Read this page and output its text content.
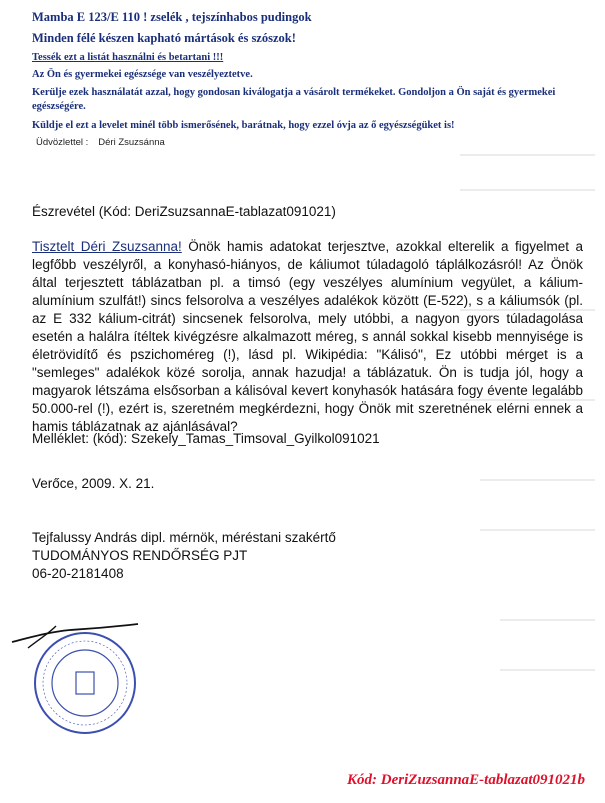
Mamba E 123/E 110 ! zselék , tejszínhabos pudingok
Minden félé készen kapható mártások és szószok!
Tessék ezt a listát használni és betartani !!!
Az Ön és gyermekei egészsége van veszélyeztetve.
Kerülje ezek használatát azzal, hogy gondosan kiválogatja a vásárolt termékeket. Gondoljon a Ön saját és gyermekei egészségére.
Küldje el ezt a levelet minél több ismerősének, barátnak, hogy ezzel óvja az ő egyészségüket is!
Üdvözlettel : Déri Zsuzsánna
Észrevétel (Kód: DeriZsuzsannaE-tablazat091021)
Tisztelt Déri Zsuzsanna! Önök hamis adatokat terjesztve, azokkal elterelik a figyelmet a legfőbb veszélyről, a konyhasó-hiányos, de káliumot túladagoló táplálkozásról! Az Önök által terjesztett táblázatban pl. a timsó (egy veszélyes alumínium vegyület, a kálium-alumínium szulfát!) sincs felsorolva a veszélyes adalékok között (E-522), s a káliumsók (pl. az E 332 kálium-citrát) sincsenek felsorolva, mely utóbbi, a nagyon gyors túladagolása esetén a halálra ítéltek kivégzésre alkalmazott méreg, s annál sokkal kisebb mennyisége is életrövidítő és pszichoméreg (!), lásd pl. Wikipédia: "Kálisó", Ez utóbbi mérget is a "semleges" adalékok közé sorolja, annak hazudja! a táblázatuk. Ön is tudja jól, hogy a magyarok létszáma elsősorban a kálisóval kevert konyhasók hatására fogy évente legalább 50.000-rel (!), ezért is, szeretném megkérdezni, hogy Önök mit szeretnének elérni ennek a hamis táblázatnak az ajánlásával?
Melléklet: (kód): Szekely_Tamas_Timsoval_Gyilkol091021
Verőce, 2009. X. 21.
Tejfalussy András dipl. mérnök, méréstani szakértő
TUDOMÁNYOS RENDŐRSÉG PJT
06-20-2181408
Kód: DeriZuzsannaE-tablazat091021b
